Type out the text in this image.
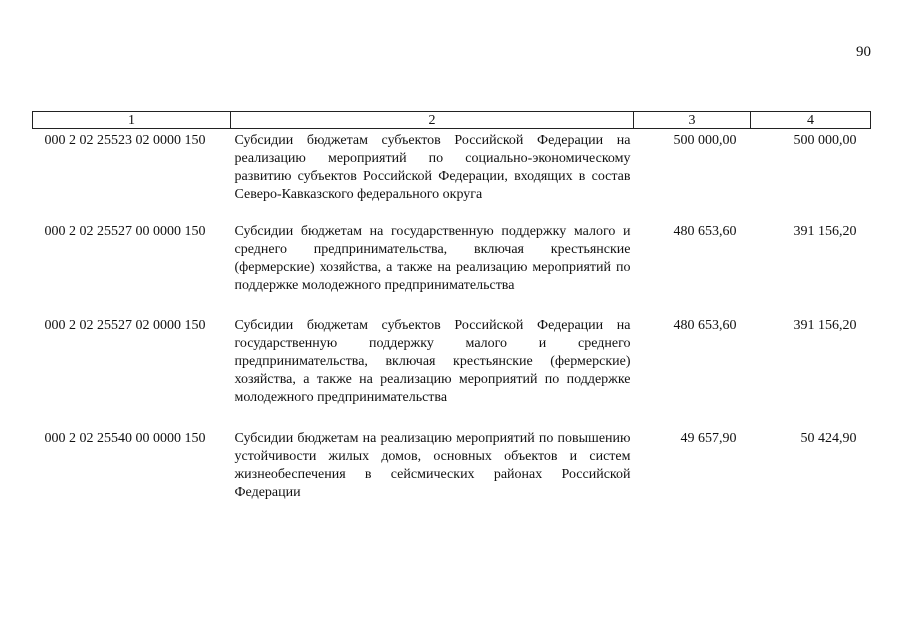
90
1	2	3	4
000 2 02 25523 02 0000 150	Субсидии бюджетам субъектов Российской Федерации на реализацию мероприятий по социально-экономическому развитию субъектов Российской Федерации, входящих в состав Северо-Кавказского федерального округа	500 000,00	500 000,00
000 2 02 25527 00 0000 150	Субсидии бюджетам на государственную поддержку малого и среднего предпринимательства, включая крестьянские (фермерские) хозяйства, а также на реализацию мероприятий по поддержке молодежного предпринимательства	480 653,60	391 156,20
000 2 02 25527 02 0000 150	Субсидии бюджетам субъектов Российской Федерации на государственную поддержку малого и среднего предпринимательства, включая крестьянские (фермерские) хозяйства, а также на реализацию мероприятий по поддержке молодежного предпринимательства	480 653,60	391 156,20
000 2 02 25540 00 0000 150	Субсидии бюджетам на реализацию мероприятий по повышению устойчивости жилых домов, основных объектов и систем жизнеобеспечения в сейсмических районах Российской Федерации	49 657,90	50 424,90
